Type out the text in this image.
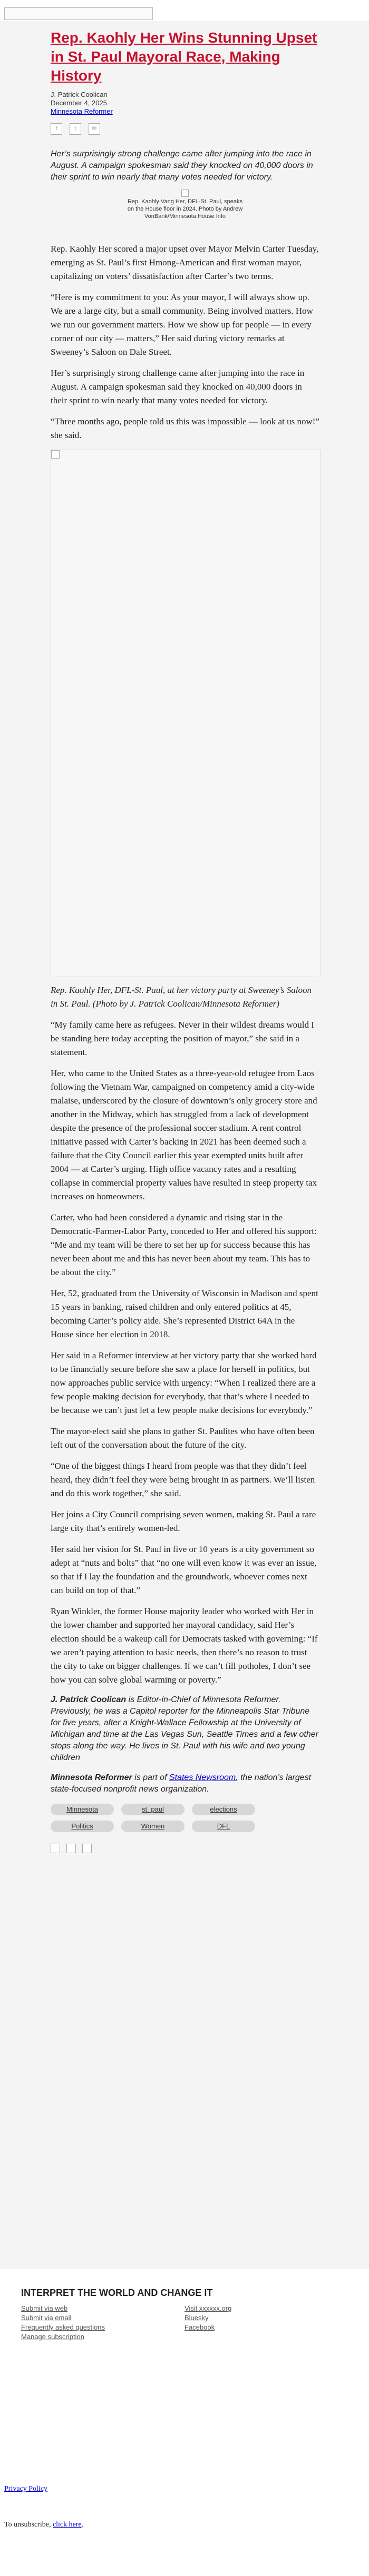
Rep. Kaohly Her Wins Stunning Upset in St. Paul Mayoral Race, Making History
J. Patrick Coolican
December 4, 2025
Minnesota Reformer
f	t	✉
Her’s surprisingly strong challenge came after jumping into the race in August. A campaign spokesman said they knocked on 40,000 doors in their sprint to win nearly that many votes needed for victory.
Rep. Kaohly Vang Her, DFL-St. Paul, speaks on the House floor in 2024. Photo by Andrew VonBank/Minnesota House Info

Rep. Kaohly Her scored a major upset over Mayor Melvin Carter Tuesday, emerging as St. Paul’s first Hmong-American and first woman mayor, capitalizing on voters’ dissatisfaction after Carter’s two terms.

“Here is my commitment to you: As your mayor, I will always show up. We are a large city, but a small community. Being involved matters. How we run our government matters. How we show up for people — in every corner of our city — matters,” Her said during victory remarks at Sweeney’s Saloon on Dale Street.

Her’s surprisingly strong challenge came after jumping into the race in August. A campaign spokesman said they knocked on 40,000 doors in their sprint to win nearly that many votes needed for victory.

“Three months ago, people told us this was impossible — look at us now!” she said.

Rep. Kaohly Her, DFL-St. Paul, at her victory party at Sweeney’s Saloon in St. Paul. (Photo by J. Patrick Coolican/Minnesota Reformer)

“My family came here as refugees. Never in their wildest dreams would I be standing here today accepting the position of mayor,” she said in a statement.

Her, who came to the United States as a three-year-old refugee from Laos following the Vietnam War, campaigned on competency amid a city-wide malaise, underscored by the closure of downtown’s only grocery store and another in the Midway, which has struggled from a lack of development despite the presence of the professional soccer stadium. A rent control initiative passed with Carter’s backing in 2021 has been deemed such a failure that the City Council earlier this year exempted units built after 2004 — at Carter’s urging. High office vacancy rates and a resulting collapse in commercial property values have resulted in steep property tax increases on homeowners.

Carter, who had been considered a dynamic and rising star in the Democratic-Farmer-Labor Party, conceded to Her and offered his support: “Me and my team will be there to set her up for success because this has never been about me and this has never been about my team. This has to be about the city.”

Her, 52, graduated from the University of Wisconsin in Madison and spent 15 years in banking, raised children and only entered politics at 45, becoming Carter’s policy aide. She’s represented District 64A in the House since her election in 2018.

Her said in a Reformer interview at her victory party that she worked hard to be financially secure before she saw a place for herself in politics, but now approaches public service with urgency: “When I realized there are a few people making decision for everybody, that that’s where I needed to be because we can’t just let a few people make decisions for everybody.”

The mayor-elect said she plans to gather St. Paulites who have often been left out of the conversation about the future of the city.

“One of the biggest things I heard from people was that they didn’t feel heard, they didn’t feel they were being brought in as partners. We’ll listen and do this work together,” she said.

Her joins a City Council comprising seven women, making St. Paul a rare large city that’s entirely women-led.

Her said her vision for St. Paul in five or 10 years is a city government so adept at “nuts and bolts” that “no one will even know it was ever an issue, so that if I lay the foundation and the groundwork, whoever comes next can build on top of that.”

Ryan Winkler, the former House majority leader who worked with Her in the lower chamber and supported her mayoral candidacy, said Her’s election should be a wakeup call for Democrats tasked with governing: “If we aren’t paying attention to basic needs, then there’s no reason to trust the city to take on bigger challenges. If we can’t fill potholes, I don’t see how you can solve global warming or poverty.”

J. Patrick Coolican is Editor-in-Chief of Minnesota Reformer. Previously, he was a Capitol reporter for the Minneapolis Star Tribune for five years, after a Knight-Wallace Fellowship at the University of Michigan and time at the Las Vegas Sun, Seattle Times and a few other stops along the way. He lives in St. Paul with his wife and two young children
Minnesota Reformer is part of States Newsroom, the nation’s largest state-focused nonprofit news organization.
Minnesota	st. paul	elections
Politics	Women	DFL
INTERPRET THE WORLD AND CHANGE IT
Submit via web
Submit via email
Frequently asked questions
Manage subscription
Visit xxxxxx.org
Bluesky
Facebook
Privacy Policy
To unsubscribe, click here.
